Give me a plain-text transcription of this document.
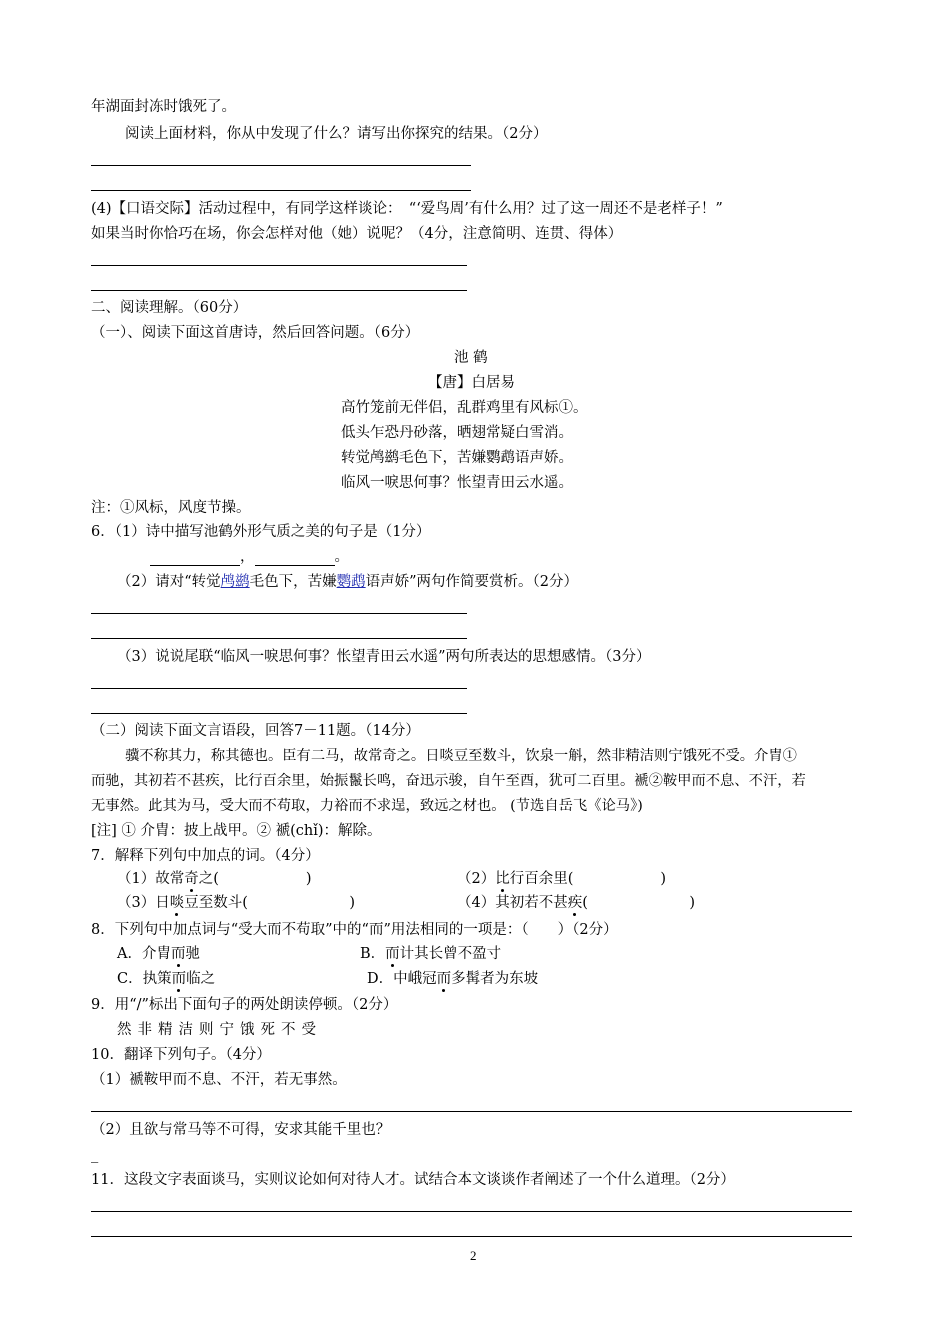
年湖面封冻时饿死了。
阅读上面材料，你从中发现了什么？请写出你探究的结果。（2分）
(4)【口语交际】活动过程中，有同学这样谈论：　“‘爱鸟周’有什么用？过了这一周还不是老样子！”
如果当时你恰巧在场，你会怎样对他（她）说呢？（4分，注意简明、连贯、得体）
二、阅读理解。（60分）
（一）、阅读下面这首唐诗，然后回答问题。（6分）
池 鹤
【唐】白居易
高竹笼前无伴侣，乱群鸡里有风标①。
低头乍恐丹砂落，晒翅常疑白雪消。
转觉鸬鹚毛色下，苦嫌鹦鹉语声娇。
临风一唳思何事？怅望青田云水遥。
注：①风标，风度节操。
6．（1）诗中描写池鹤外形气质之美的句子是（1分）
，	。
（2）请对“转觉鸬鹚毛色下，苦嫌鹦鹉语声娇”两句作简要赏析。（2分）
（3）说说尾联“临风一唳思何事？怅望青田云水遥”两句所表达的思想感情。（3分）
（二）阅读下面文言语段，回答7－11题。（14分）
骥不称其力，称其德也。臣有二马，故常奇之。日啖豆至数斗，饮泉一斛，然非精洁则宁饿死不受。介胄①
而驰，其初若不甚疾，比行百余里，始振鬣长鸣，奋迅示骏，自午至酉，犹可二百里。褫②鞍甲而不息、不汗，若
无事然。此其为马，受大而不苟取，力裕而不求逞，致远之材也。 (节选自岳飞《论马》)
[注] ① 介胄：披上战甲。② 褫(chǐ)：解除。
7．解释下列句中加点的词。（4分）
（1）故常奇之(　　　　　　)	（2）比行百余里(　　　　　　)
（3）日啖豆至数斗(　　　　　　　)	（4）其初若不甚疾(　　　　　　　)
8．下列句中加点词与“受大而不苟取”中的“而”用法相同的一项是：（　　）（2分）
A．介胄而驰	B．而计其长曾不盈寸
C．执策而临之	D．中峨冠而多髯者为东坡
9．用“/”标出下面句子的两处朗读停顿。（2分）
然非精洁则宁饿死不受
10．翻译下列句子。（4分）
（1）褫鞍甲而不息、不汗，若无事然。
（2）且欲与常马等不可得，安求其能千里也？
_
11．这段文字表面谈马，实则议论如何对待人才。试结合本文谈谈作者阐述了一个什么道理。（2分）
2
